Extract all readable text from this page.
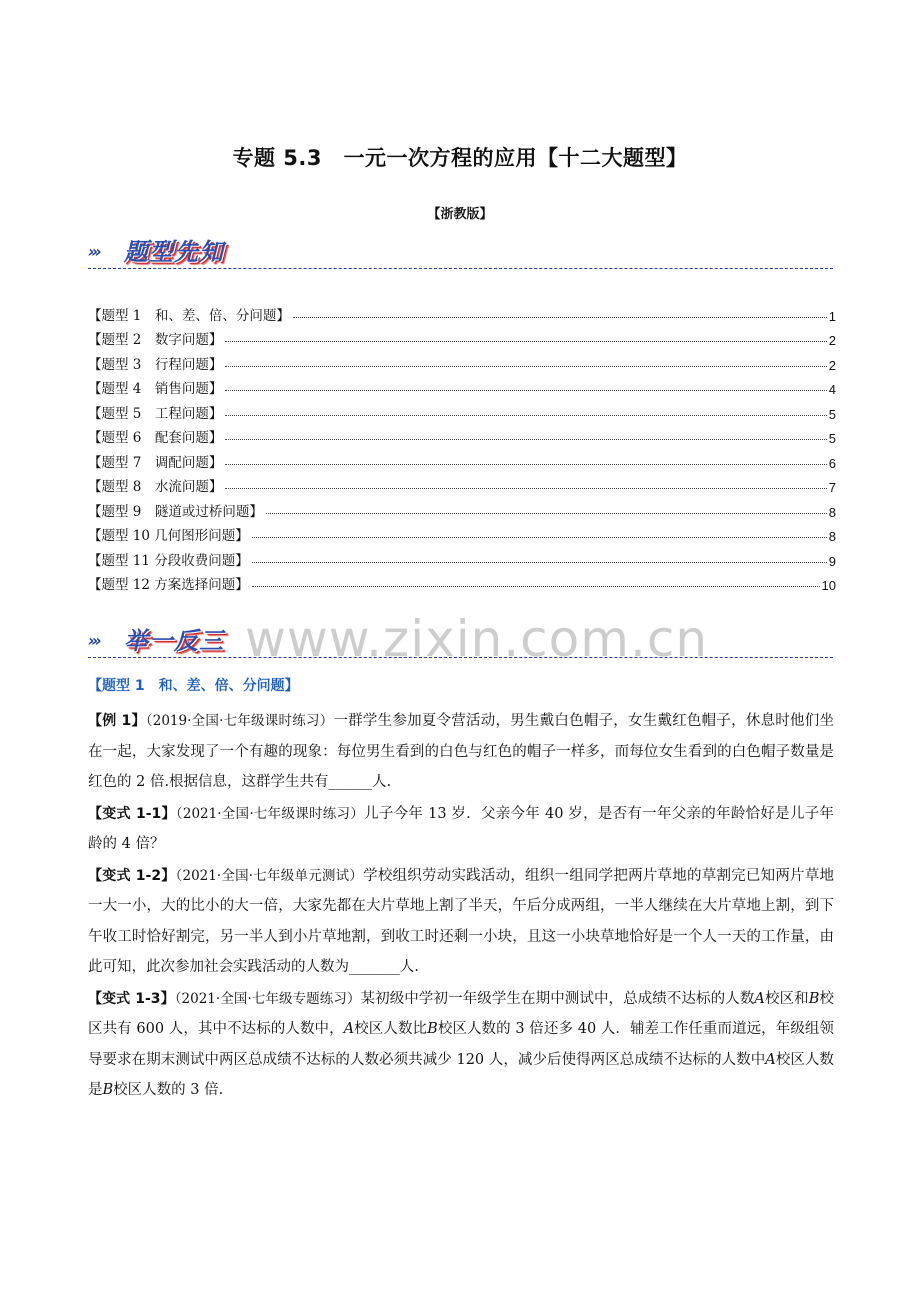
专题 5.3　一元一次方程的应用【十二大题型】
【浙教版】
››› 题型先知
【题型 1　和、差、倍、分问题】	1
【题型 2　数字问题】	2
【题型 3　行程问题】	2
【题型 4　销售问题】	4
【题型 5　工程问题】	5
【题型 6　配套问题】	5
【题型 7　调配问题】	6
【题型 8　水流问题】	7
【题型 9　隧道或过桥问题】	8
【题型 10 几何图形问题】	8
【题型 11 分段收费问题】	9
【题型 12 方案选择问题】	10
www.zixin.com.cn
››› 举一反三
【题型 1　和、差、倍、分问题】

【例 1】（2019·全国·七年级课时练习）一群学生参加夏令营活动，男生戴白色帽子，女生戴红色帽子，休息时他们坐在一起，大家发现了一个有趣的现象：每位男生看到的白色与红色的帽子一样多，而每位女生看到的白色帽子数量是红色的 2 倍.根据信息，这群学生共有______人.

【变式 1-1】（2021·全国·七年级课时练习）儿子今年 13 岁．父亲今年 40 岁，是否有一年父亲的年龄恰好是儿子年龄的 4 倍？

【变式 1-2】（2021·全国·七年级单元测试）学校组织劳动实践活动，组织一组同学把两片草地的草割完已知两片草地一大一小，大的比小的大一倍，大家先都在大片草地上割了半天，午后分成两组，一半人继续在大片草地上割，到下午收工时恰好割完，另一半人到小片草地割，到收工时还剩一小块，且这一小块草地恰好是一个人一天的工作量，由此可知，此次参加社会实践活动的人数为_______人.

【变式 1-3】（2021·全国·七年级专题练习）某初级中学初一年级学生在期中测试中，总成绩不达标的人数𝐴校区和𝐵校区共有 600 人，其中不达标的人数中，𝐴校区人数比𝐵校区人数的 3 倍还多 40 人．辅差工作任重而道远，年级组领导要求在期末测试中两区总成绩不达标的人数必须共减少 120 人，减少后使得两区总成绩不达标的人数中𝐴校区人数是𝐵校区人数的 3 倍.
